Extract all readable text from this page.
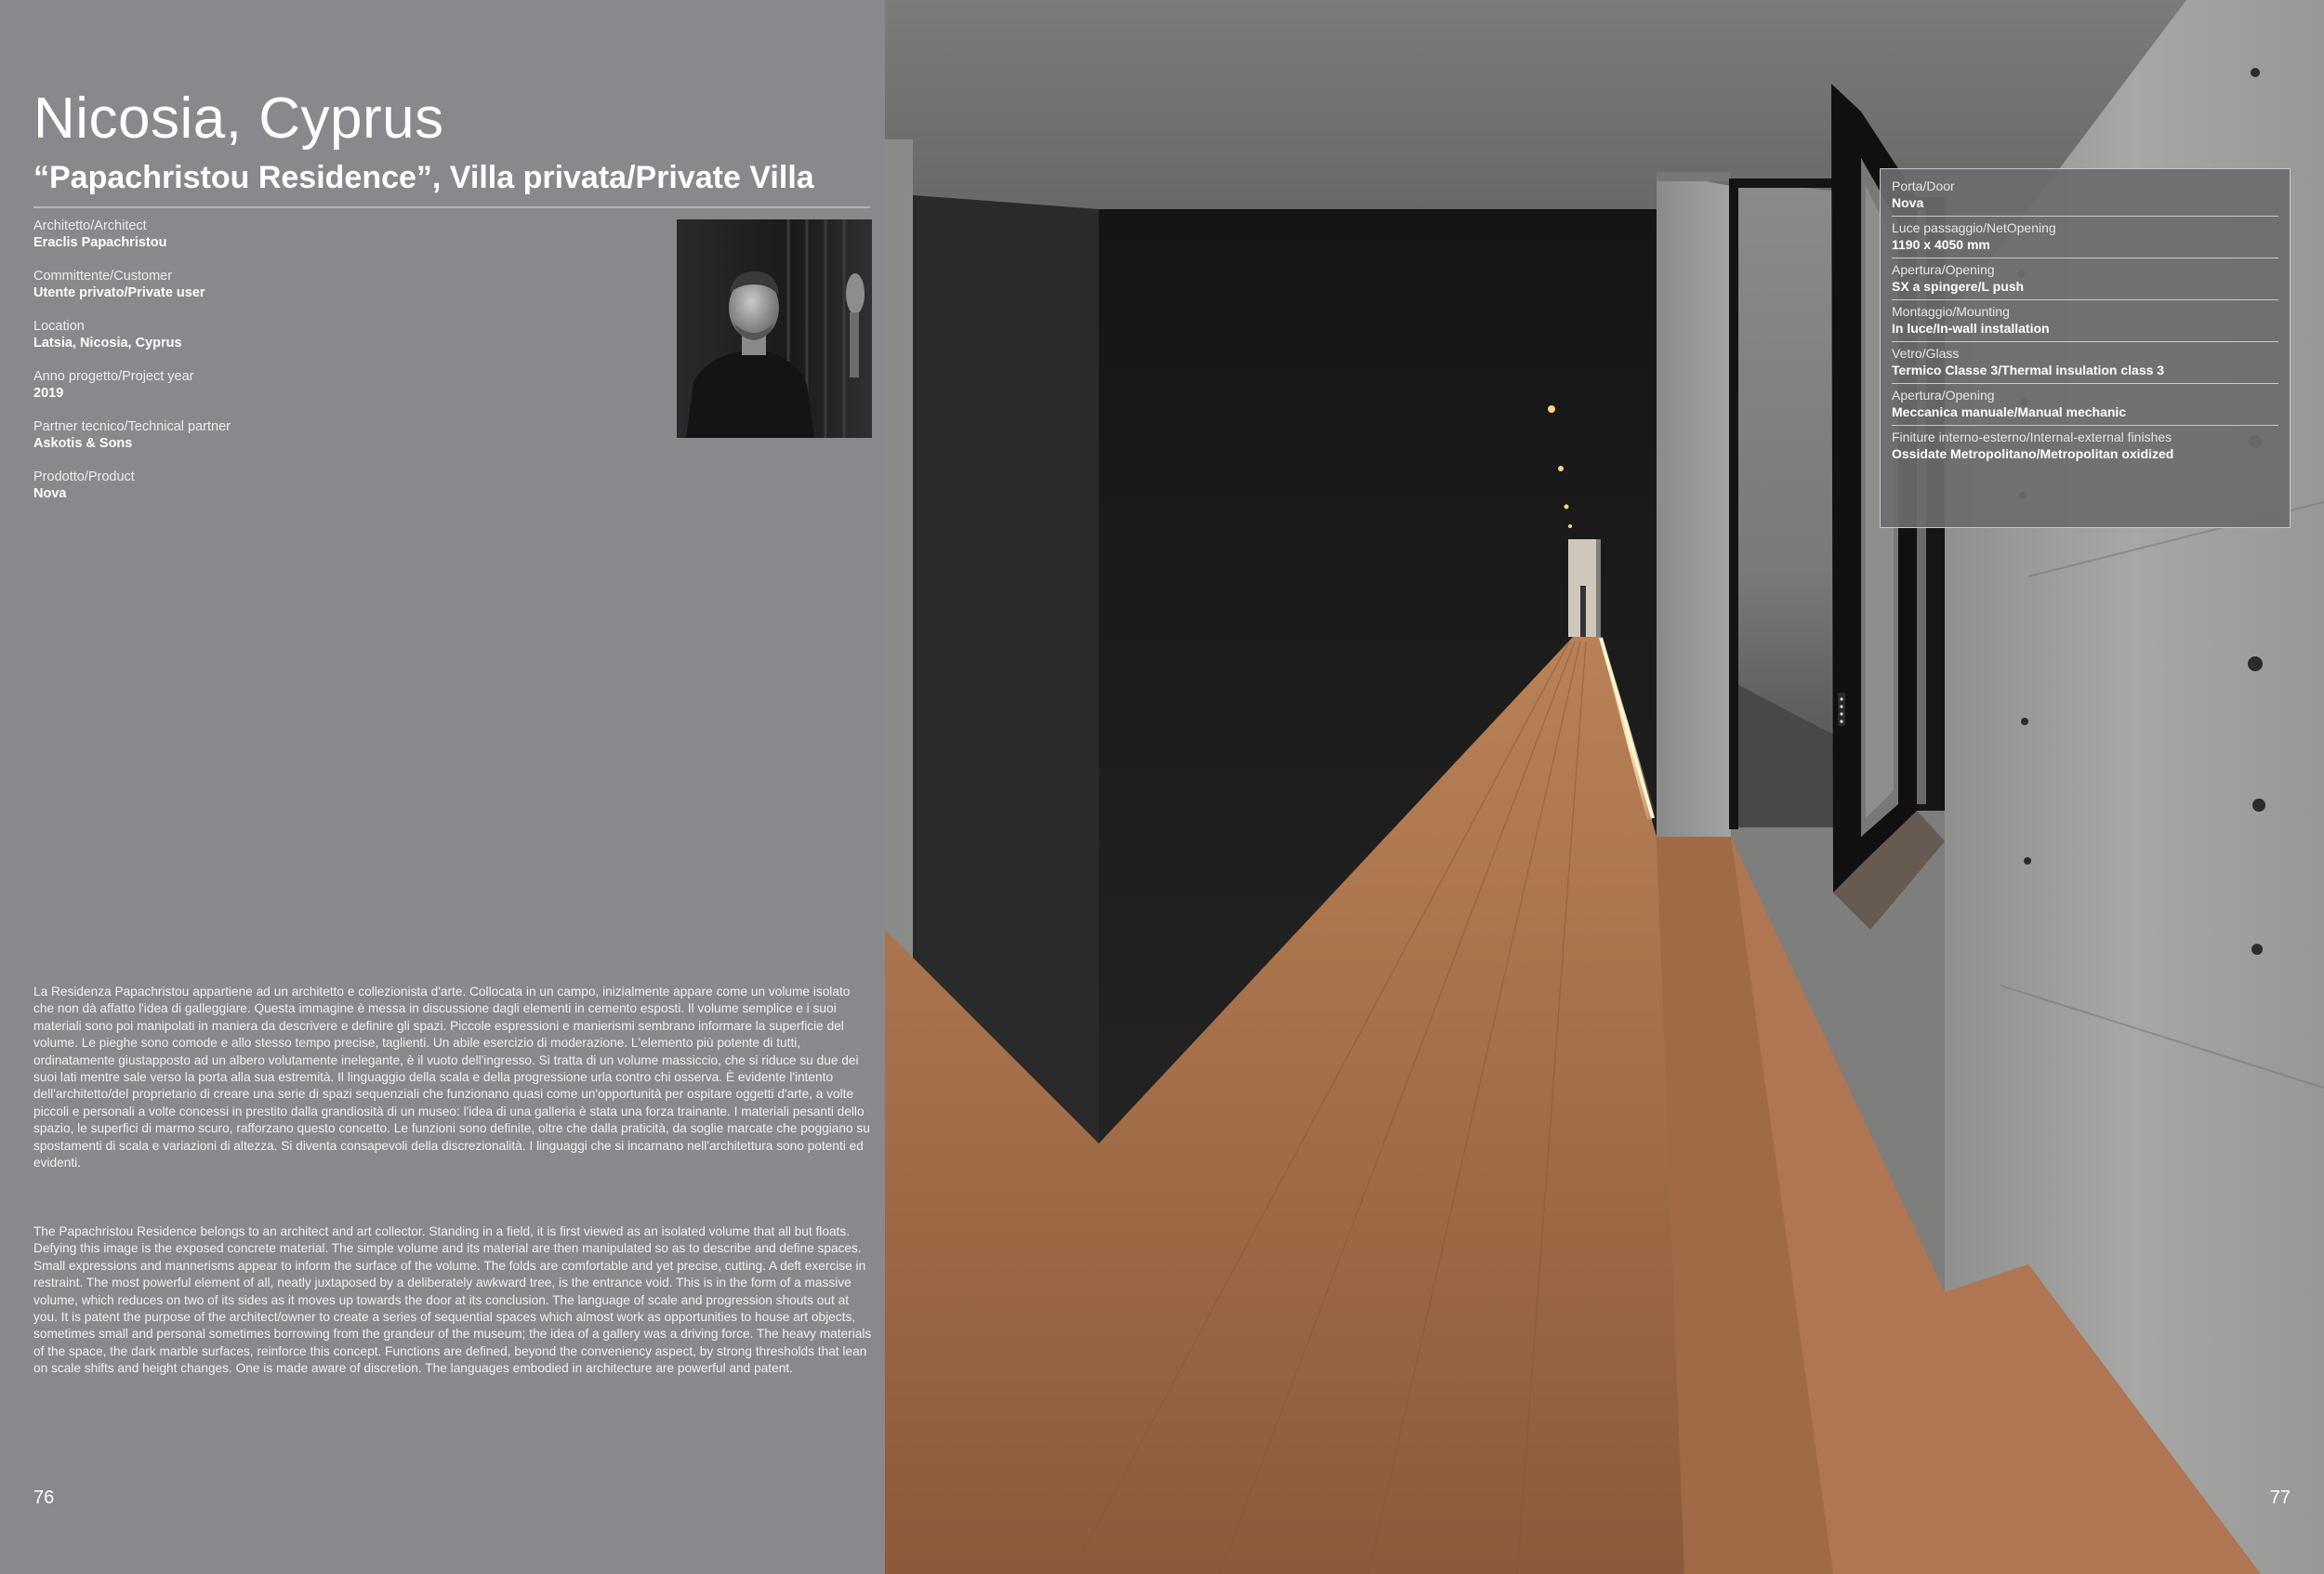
Nicosia, Cyprus
“Papachristou Residence”, Villa privata/Private Villa
Architetto/Architect
Eraclis Papachristou
Committente/Customer
Utente privato/Private user
Location
Latsia, Nicosia, Cyprus
Anno progetto/Project year
2019
Partner tecnico/Technical partner
Askotis & Sons
Prodotto/Product
Nova

La Residenza Papachristou appartiene ad un architetto e collezionista d'arte. Collocata in un campo, inizialmente appare come un volume isolato che non dà affatto l'idea di galleggiare. Questa immagine è messa in discussione dagli elementi in cemento esposti. Il volume semplice e i suoi materiali sono poi manipolati in maniera da descrivere e definire gli spazi. Piccole espressioni e manierismi sembrano informare la superficie del volume. Le pieghe sono comode e allo stesso tempo precise, taglienti. Un abile esercizio di moderazione. L'elemento più potente di tutti, ordinatamente giustapposto ad un albero volutamente inelegante, è il vuoto dell'ingresso. Si tratta di un volume massiccio, che si riduce su due dei suoi lati mentre sale verso la porta alla sua estremità. Il linguaggio della scala e della progressione urla contro chi osserva. È evidente l'intento dell'architetto/del proprietario di creare una serie di spazi sequenziali che funzionano quasi come un'opportunità per ospitare oggetti d'arte, a volte piccoli e personali a volte concessi in prestito dalla grandiosità di un museo: l'idea di una galleria è stata una forza trainante. I materiali pesanti dello spazio, le superfici di marmo scuro, rafforzano questo concetto. Le funzioni sono definite, oltre che dalla praticità, da soglie marcate che poggiano su spostamenti di scala e variazioni di altezza. Si diventa consapevoli della discrezionalità. I linguaggi che si incarnano nell'architettura sono potenti ed evidenti.

The Papachristou Residence belongs to an architect and art collector. Standing in a field, it is first viewed as an isolated volume that all but floats. Defying this image is the exposed concrete material. The simple volume and its material are then manipulated so as to describe and define spaces. Small expressions and mannerisms appear to inform the surface of the volume. The folds are comfortable and yet precise, cutting. A deft exercise in restraint. The most powerful element of all, neatly juxtaposed by a deliberately awkward tree, is the entrance void. This is in the form of a massive volume, which reduces on two of its sides as it moves up towards the door at its conclusion. The language of scale and progression shouts out at you. It is patent the purpose of the architect/owner to create a series of sequential spaces which almost work as opportunities to house art objects, sometimes small and personal sometimes borrowing from the grandeur of the museum; the idea of a gallery was a driving force. The heavy materials of the space, the dark marble surfaces, reinforce this concept. Functions are defined, beyond the conveniency aspect, by strong thresholds that lean on scale shifts and height changes. One is made aware of discretion. The languages embodied in architecture are powerful and patent.

76	77
Porta/Door
Nova
Luce passaggio/NetOpening
1190 x 4050 mm
Apertura/Opening
SX a spingere/L push
Montaggio/Mounting
In luce/In-wall installation
Vetro/Glass
Termico Classe 3/Thermal insulation class 3
Apertura/Opening
Meccanica manuale/Manual mechanic
Finiture interno-esterno/Internal-external finishes
Ossidate Metropolitano/Metropolitan oxidized
